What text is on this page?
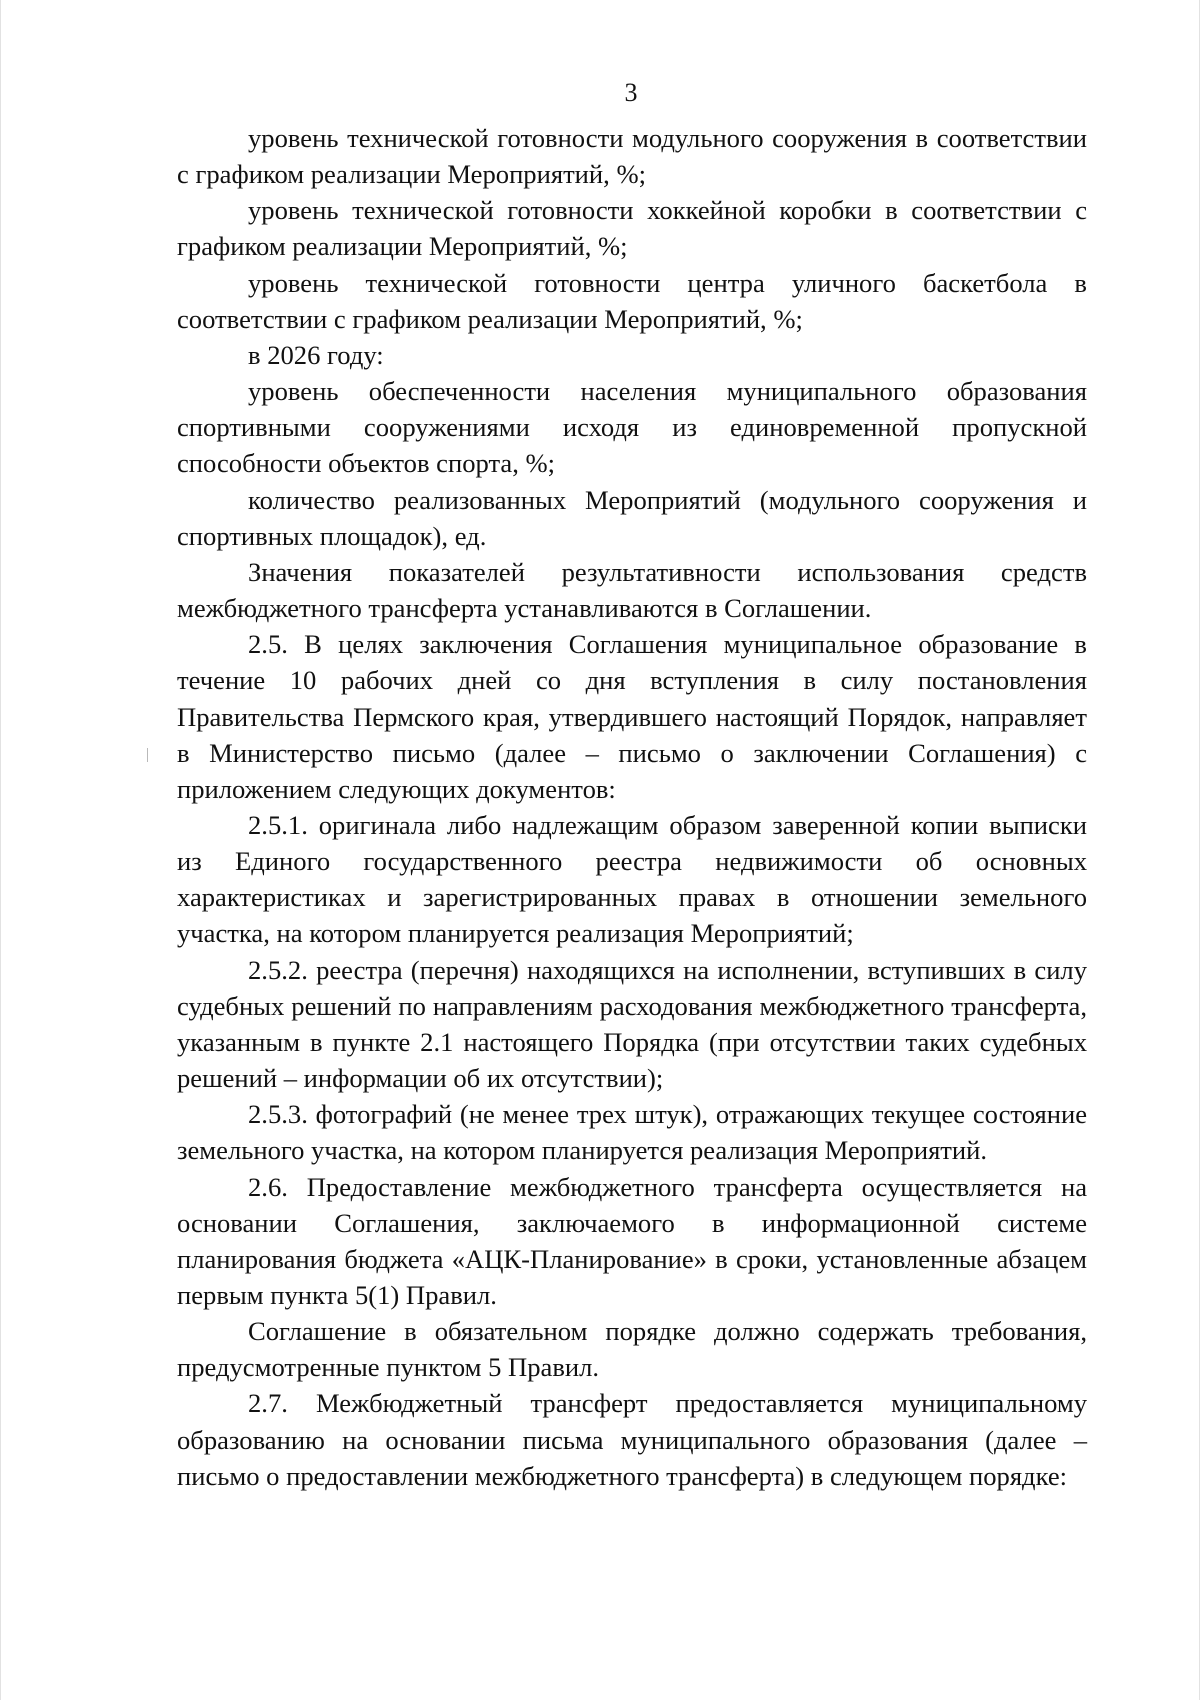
3

уровень технической готовности модульного сооружения в соответствии с графиком реализации Мероприятий, %;

уровень технической готовности хоккейной коробки в соответствии с графиком реализации Мероприятий, %;

уровень технической готовности центра уличного баскетбола в соответствии с графиком реализации Мероприятий, %;

в 2026 году:

уровень обеспеченности населения муниципального образования спортивными сооружениями исходя из единовременной пропускной способности объектов спорта, %;

количество реализованных Мероприятий (модульного сооружения и спортивных площадок), ед.

Значения показателей результативности использования средств межбюджетного трансферта устанавливаются в Соглашении.

2.5. В целях заключения Соглашения муниципальное образование в течение 10 рабочих дней со дня вступления в силу постановления Правительства Пермского края, утвердившего настоящий Порядок, направляет в Министерство письмо (далее – письмо о заключении Соглашения) с приложением следующих документов:

2.5.1. оригинала либо надлежащим образом заверенной копии выписки из Единого государственного реестра недвижимости об основных характеристиках и зарегистрированных правах в отношении земельного участка, на котором планируется реализация Мероприятий;

2.5.2. реестра (перечня) находящихся на исполнении, вступивших в силу судебных решений по направлениям расходования межбюджетного трансферта, указанным в пункте 2.1 настоящего Порядка (при отсутствии таких судебных решений – информации об их отсутствии);

2.5.3. фотографий (не менее трех штук), отражающих текущее состояние земельного участка, на котором планируется реализация Мероприятий.

2.6. Предоставление межбюджетного трансферта осуществляется на основании Соглашения, заключаемого в информационной системе планирования бюджета «АЦК-Планирование» в сроки, установленные абзацем первым пункта 5(1) Правил.

Соглашение в обязательном порядке должно содержать требования, предусмотренные пунктом 5 Правил.

2.7. Межбюджетный трансферт предоставляется муниципальному образованию на основании письма муниципального образования (далее – письмо о предоставлении межбюджетного трансферта) в следующем порядке:
